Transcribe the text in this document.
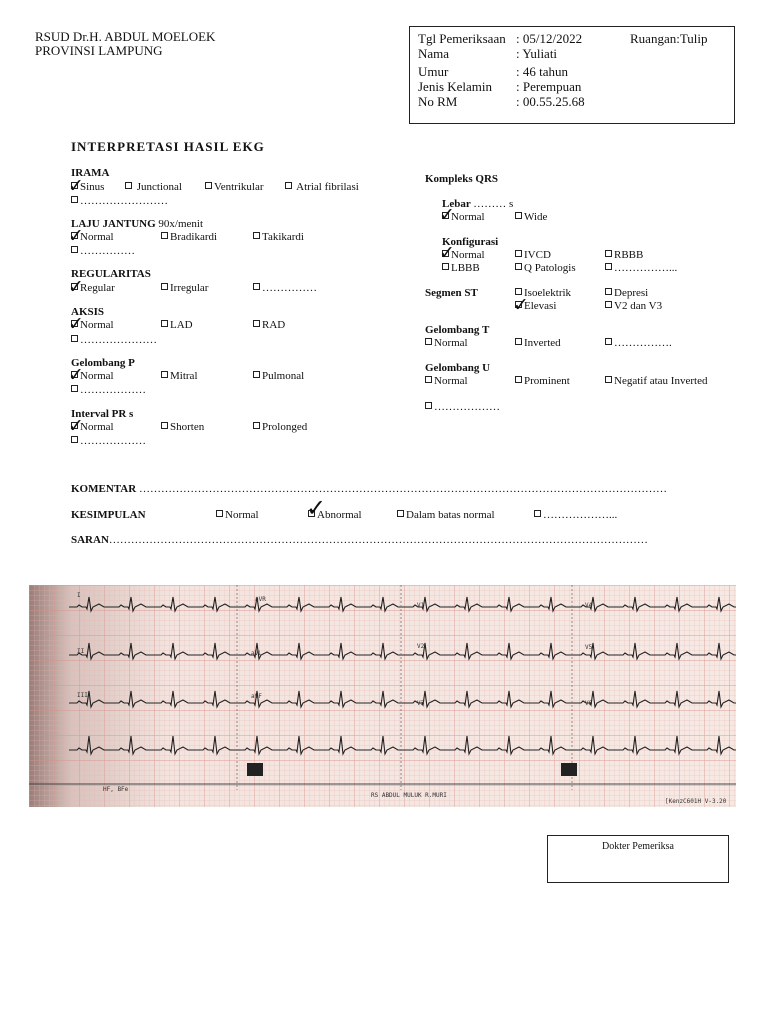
RSUD Dr.H. ABDUL MOELOEK
PROVINSI LAMPUNG
Tgl Pemeriksaan : 05/12/2022	Ruangan:Tulip
Nama	: Yuliati
Umur	: 46 tahun
Jenis Kelamin : Perempuan
No RM	: 00.55.25.68
INTERPRETASI HASIL EKG
IRAMA
Sinus	Junctional	Ventrikular	Atrial fibrilasi
……………………
✓
LAJU JANTUNG 90x/menit
Normal	Bradikardi	Takikardi
……………
✓
REGULARITAS
Regular	Irregular	……………
✓
AKSIS
Normal	LAD	RAD
…………………
✓
Gelombang P
Normal	Mitral	Pulmonal
………………
✓
Interval PR s
Normal	Shorten	Prolonged
………………
✓
Kompleks QRS
Lebar ……… s
Normal	Wide
✓
Konfigurasi
Normal	IVCD	RBBB
LBBB	Q Patologis	……………...
✓
Segmen ST	Isoelektrik	Depresi
Elevasi	V2 dan V3
✓
Gelombang T
Normal	Inverted	…………….
Gelombang U
Normal	Prominent	Negatif atau Inverted
………………
KOMENTAR ………………………………………………………………………………………………………………………………
KESIMPULAN	Normal	Abnormal	Dalam batas normal	………………...
✓
SARAN…………………………………………………………………………………………………………………………………
I
II
III
aVR
aVL
aVF
V1
V2
V3
V4
V5
V6
HF, BFe
RS ABDUL MULUK R.MURI
[KenzC601H V-3.20
Dokter Pemeriksa
